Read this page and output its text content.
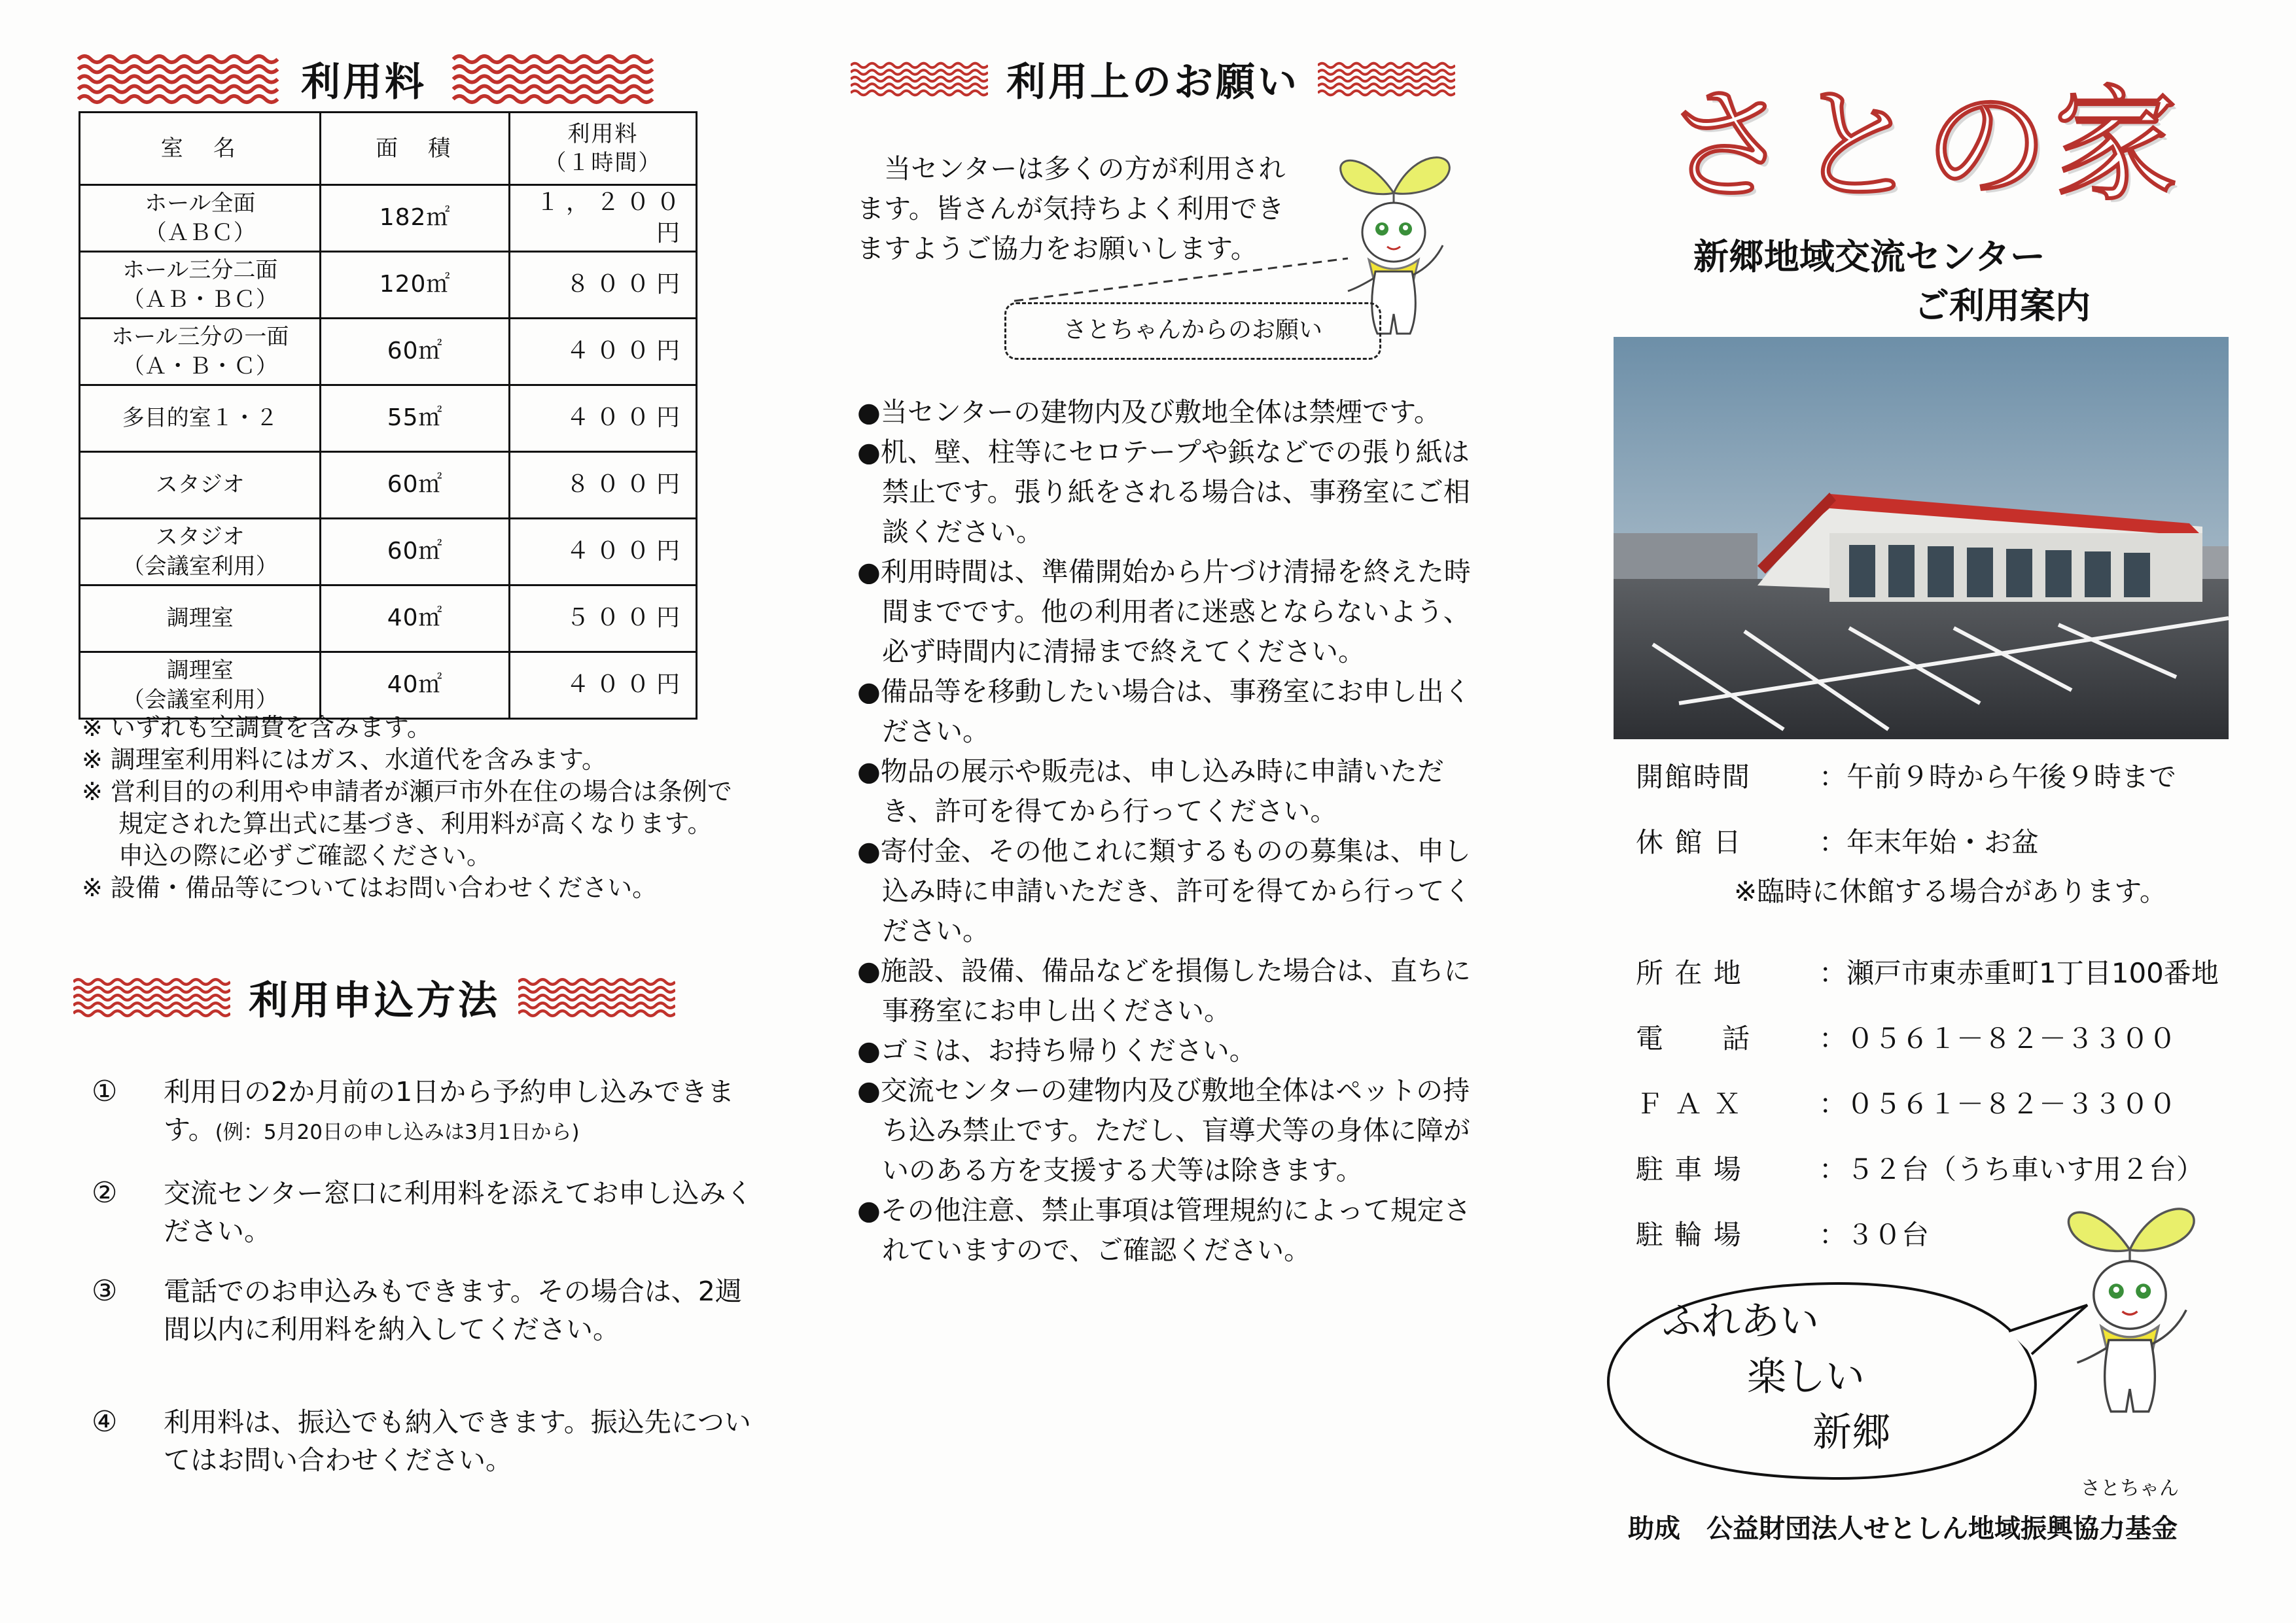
利用料
室　名	面　積	利用料
（１時間）

ホール全面
（ＡＢＣ）	182㎡	１，２００円

ホール三分二面
（ＡＢ・ＢＣ）	120㎡	８００円

ホール三分の一面
（Ａ・Ｂ・Ｃ）	60㎡	４００円
多目的室１・２	55㎡	４００円
スタジオ	60㎡	８００円

スタジオ
（会議室利用）	60㎡	４００円
調理室	40㎡	５００円

調理室
（会議室利用）	40㎡	４００円
※ いずれも空調費を含みます。
※ 調理室利用料にはガス、水道代を含みます。
※ 営利目的の利用や申請者が瀬戸市外在住の場合は条例で規定された算出式に基づき、利用料が高くなります。申込の際に必ずご確認ください。
※ 設備・備品等についてはお問い合わせください。
利用申込方法
① 利用日の2か月前の1日から予約申し込みできます。(例：5月20日の申し込みは3月1日から)
② 交流センター窓口に利用料を添えてお申し込みください。
③ 電話でのお申込みもできます。その場合は、2週間以内に利用料を納入してください。
④ 利用料は、振込でも納入できます。振込先についてはお問い合わせください。
利用上のお願い
　当センターは多くの方が利用されます。皆さんが気持ちよく利用できますようご協力をお願いします。
さとちゃんからのお願い
●当センターの建物内及び敷地全体は禁煙です。
●机、壁、柱等にセロテープや鋲などでの張り紙は禁止です。張り紙をされる場合は、事務室にご相談ください。
●利用時間は、準備開始から片づけ清掃を終えた時間までです。他の利用者に迷惑とならないよう、必ず時間内に清掃まで終えてください。
●備品等を移動したい場合は、事務室にお申し出ください。
●物品の展示や販売は、申し込み時に申請いただき、許可を得てから行ってください。
●寄付金、その他これに類するものの募集は、申し込み時に申請いただき、許可を得てから行ってください。
●施設、設備、備品などを損傷した場合は、直ちに事務室にお申し出ください。
●ゴミは、お持ち帰りください。
●交流センターの建物内及び敷地全体はペットの持ち込み禁止です。ただし、盲導犬等の身体に障がいのある方を支援する犬等は除きます。
●その他注意、禁止事項は管理規約によって規定されていますので、ご確認ください。
さとの家
新郷地域交流センター
ご利用案内
開館時間 ：午前９時から午後９時まで
休 館 日	：年末年始・お盆
※臨時に休館する場合があります。
所 在 地	：瀬戸市東赤重町1丁目100番地
電　　話 ：０５６１－８２－３３００
Ｆ Ａ Ｘ	：０５６１－８２－３３００
駐 車 場	：５２台（うち車いす用２台）
駐 輪 場	：３０台
ふれあい
楽しい
新郷
さとちゃん
助成　公益財団法人せとしん地域振興協力基金
